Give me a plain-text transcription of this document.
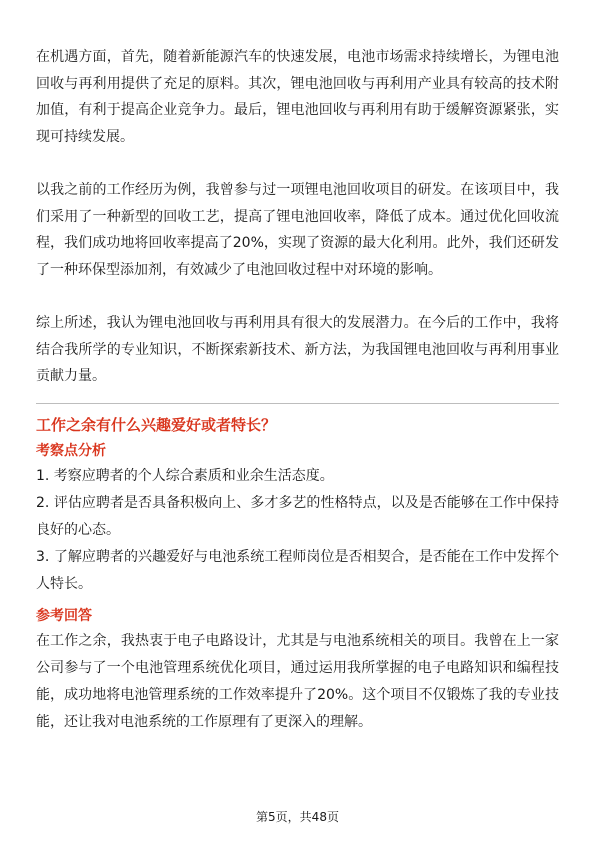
在机遇方面，首先，随着新能源汽车的快速发展，电池市场需求持续增长，为锂电池回收与再利用提供了充足的原料。其次，锂电池回收与再利用产业具有较高的技术附加值，有利于提高企业竞争力。最后，锂电池回收与再利用有助于缓解资源紧张，实现可持续发展。

以我之前的工作经历为例，我曾参与过一项锂电池回收项目的研发。在该项目中，我们采用了一种新型的回收工艺，提高了锂电池回收率，降低了成本。通过优化回收流程，我们成功地将回收率提高了20%，实现了资源的最大化利用。此外，我们还研发了一种环保型添加剂，有效减少了电池回收过程中对环境的影响。

综上所述，我认为锂电池回收与再利用具有很大的发展潜力。在今后的工作中，我将结合我所学的专业知识，不断探索新技术、新方法，为我国锂电池回收与再利用事业贡献力量。

工作之余有什么兴趣爱好或者特长？
考察点分析

1. 考察应聘者的个人综合素质和业余生活态度。

2. 评估应聘者是否具备积极向上、多才多艺的性格特点，以及是否能够在工作中保持良好的心态。

3. 了解应聘者的兴趣爱好与电池系统工程师岗位是否相契合，是否能在工作中发挥个人特长。

参考回答

在工作之余，我热衷于电子电路设计，尤其是与电池系统相关的项目。我曾在上一家公司参与了一个电池管理系统优化项目，通过运用我所掌握的电子电路知识和编程技能，成功地将电池管理系统的工作效率提升了20%。这个项目不仅锻炼了我的专业技能，还让我对电池系统的工作原理有了更深入的理解。

第5页，共48页
